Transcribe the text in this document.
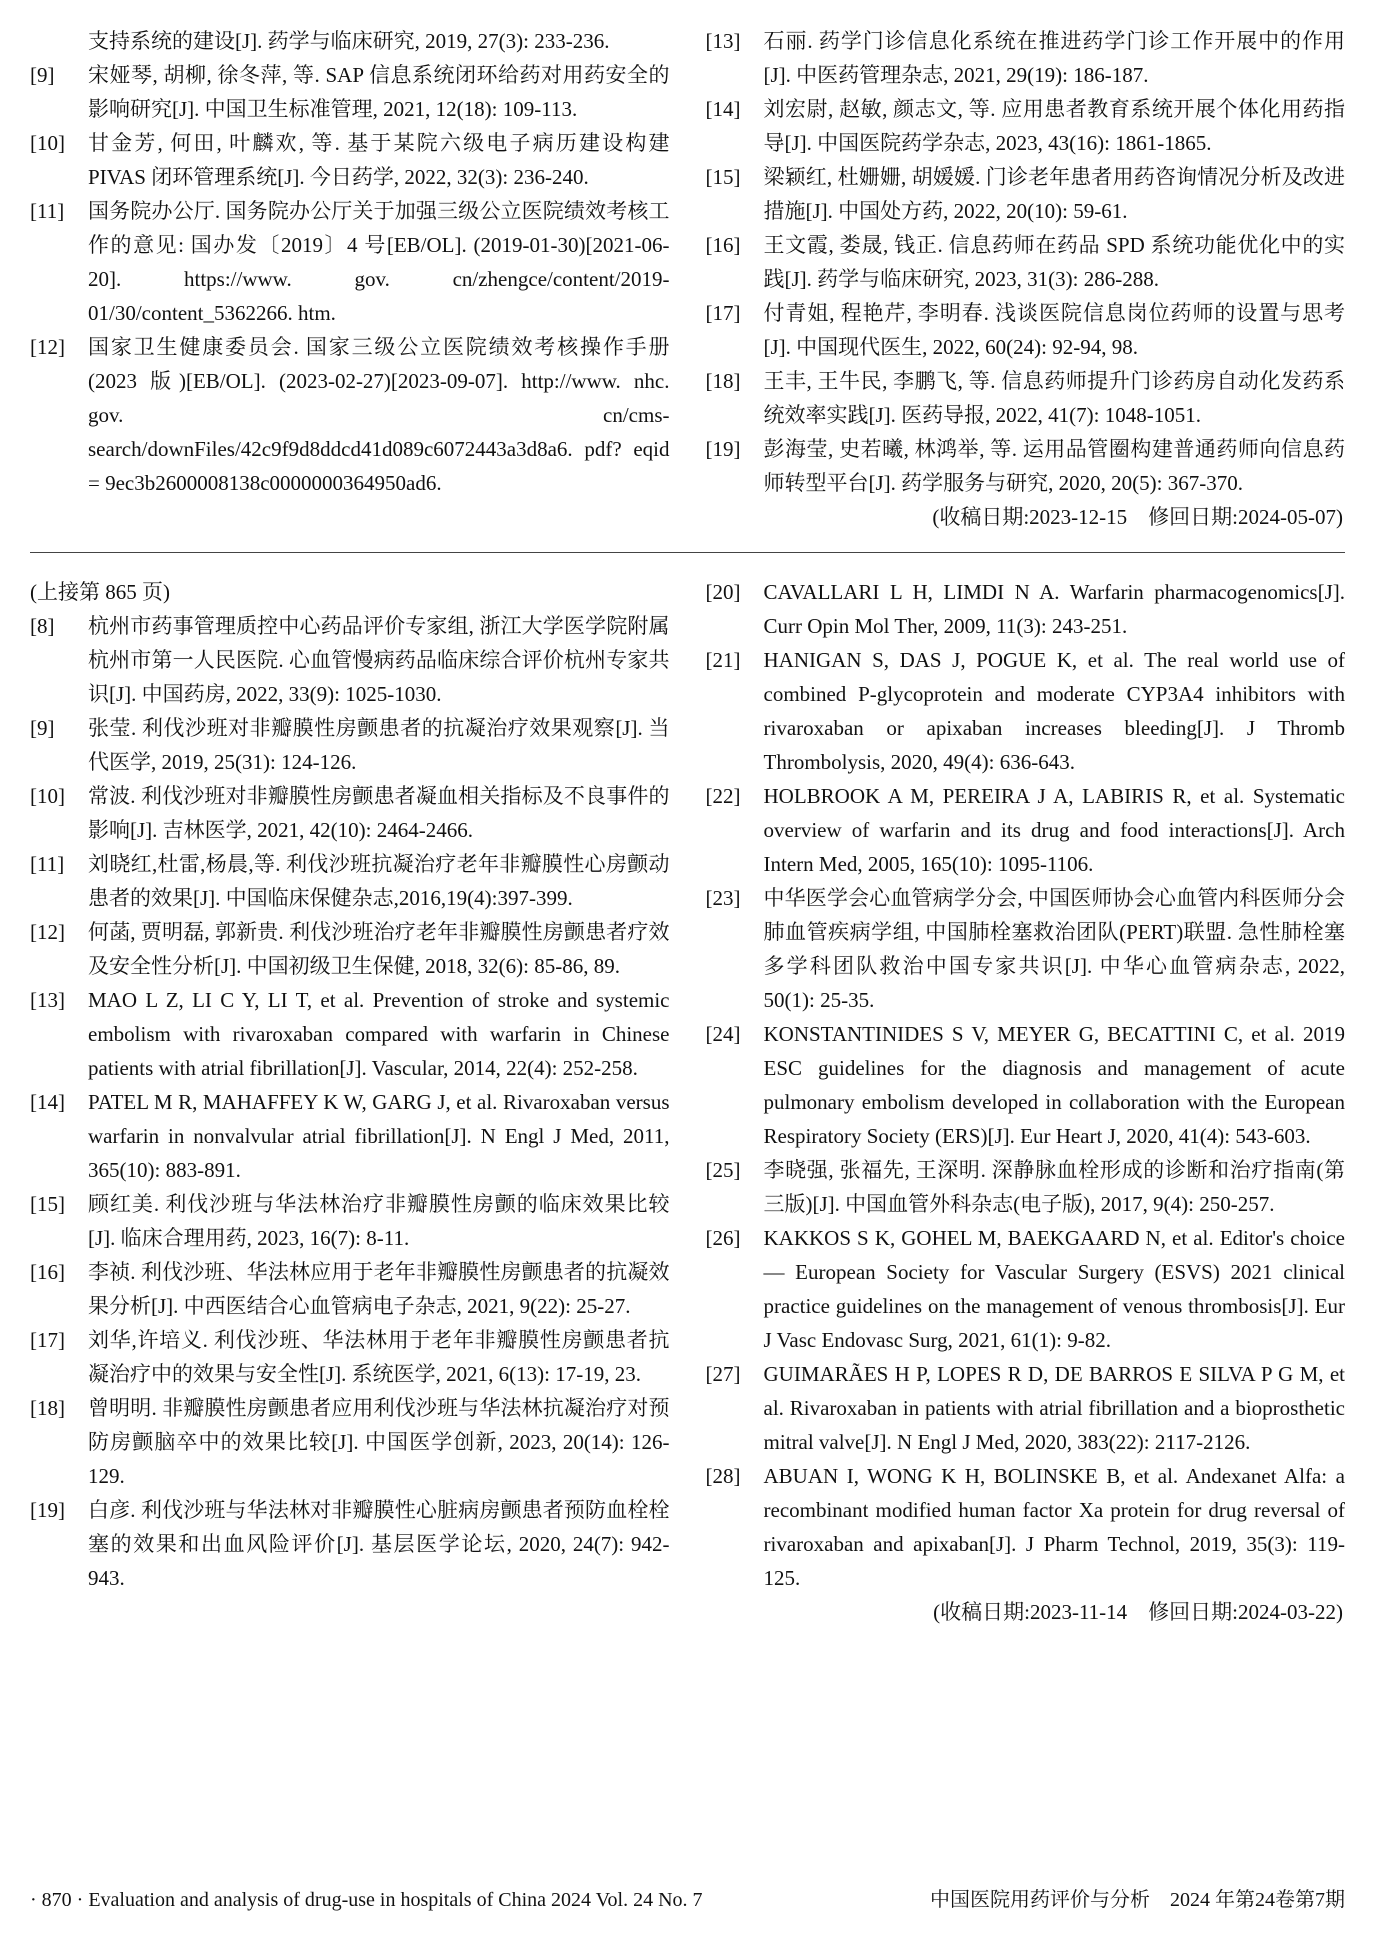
支持系统的建设[J]. 药学与临床研究, 2019, 27(3): 233-236.
[9]	宋娅琴, 胡柳, 徐冬萍, 等. SAP 信息系统闭环给药对用药安全的影响研究[J]. 中国卫生标准管理, 2021, 12(18): 109-113.
[10]	甘金芳, 何田, 叶麟欢, 等. 基于某院六级电子病历建设构建 PIVAS 闭环管理系统[J]. 今日药学, 2022, 32(3): 236-240.
[11]	国务院办公厅. 国务院办公厅关于加强三级公立医院绩效考核工作的意见: 国办发〔2019〕4 号[EB/OL]. (2019-01-30)[2021-06-20]. https://www. gov. cn/zhengce/content/2019-01/30/content_5362266. htm.
[12]	国家卫生健康委员会. 国家三级公立医院绩效考核操作手册(2023 版)[EB/OL]. (2023-02-27)[2023-09-07]. http://www. nhc. gov. cn/cms-search/downFiles/42c9f9d8ddcd41d089c6072443a3d8a6. pdf? eqid = 9ec3b2600008138c0000000364950ad6.
[13]	石丽. 药学门诊信息化系统在推进药学门诊工作开展中的作用[J]. 中医药管理杂志, 2021, 29(19): 186-187.
[14]	刘宏尉, 赵敏, 颜志文, 等. 应用患者教育系统开展个体化用药指导[J]. 中国医院药学杂志, 2023, 43(16): 1861-1865.
[15]	梁颖红, 杜姗姗, 胡媛媛. 门诊老年患者用药咨询情况分析及改进措施[J]. 中国处方药, 2022, 20(10): 59-61.
[16]	王文霞, 娄晟, 钱正. 信息药师在药品 SPD 系统功能优化中的实践[J]. 药学与临床研究, 2023, 31(3): 286-288.
[17]	付青姐, 程艳芹, 李明春. 浅谈医院信息岗位药师的设置与思考[J]. 中国现代医生, 2022, 60(24): 92-94, 98.
[18]	王丰, 王牛民, 李鹏飞, 等. 信息药师提升门诊药房自动化发药系统效率实践[J]. 医药导报, 2022, 41(7): 1048-1051.
[19]	彭海莹, 史若曦, 林鸿举, 等. 运用品管圈构建普通药师向信息药师转型平台[J]. 药学服务与研究, 2020, 20(5): 367-370.
(收稿日期:2023-12-15　修回日期:2024-05-07)
(上接第 865 页)
[8]	杭州市药事管理质控中心药品评价专家组, 浙江大学医学院附属杭州市第一人民医院. 心血管慢病药品临床综合评价杭州专家共识[J]. 中国药房, 2022, 33(9): 1025-1030.
[9]	张莹. 利伐沙班对非瓣膜性房颤患者的抗凝治疗效果观察[J]. 当代医学, 2019, 25(31): 124-126.
[10]	常波. 利伐沙班对非瓣膜性房颤患者凝血相关指标及不良事件的影响[J]. 吉林医学, 2021, 42(10): 2464-2466.
[11]	刘晓红,杜雷,杨晨,等. 利伐沙班抗凝治疗老年非瓣膜性心房颤动患者的效果[J]. 中国临床保健杂志,2016,19(4):397-399.
[12]	何菡, 贾明磊, 郭新贵. 利伐沙班治疗老年非瓣膜性房颤患者疗效及安全性分析[J]. 中国初级卫生保健, 2018, 32(6): 85-86, 89.
[13]	MAO L Z, LI C Y, LI T, et al. Prevention of stroke and systemic embolism with rivaroxaban compared with warfarin in Chinese patients with atrial fibrillation[J]. Vascular, 2014, 22(4): 252-258.
[14]	PATEL M R, MAHAFFEY K W, GARG J, et al. Rivaroxaban versus warfarin in nonvalvular atrial fibrillation[J]. N Engl J Med, 2011, 365(10): 883-891.
[15]	顾红美. 利伐沙班与华法林治疗非瓣膜性房颤的临床效果比较[J]. 临床合理用药, 2023, 16(7): 8-11.
[16]	李祯. 利伐沙班、华法林应用于老年非瓣膜性房颤患者的抗凝效果分析[J]. 中西医结合心血管病电子杂志, 2021, 9(22): 25-27.
[17]	刘华,许培义. 利伐沙班、华法林用于老年非瓣膜性房颤患者抗凝治疗中的效果与安全性[J]. 系统医学, 2021, 6(13): 17-19, 23.
[18]	曾明明. 非瓣膜性房颤患者应用利伐沙班与华法林抗凝治疗对预防房颤脑卒中的效果比较[J]. 中国医学创新, 2023, 20(14): 126-129.
[19]	白彦. 利伐沙班与华法林对非瓣膜性心脏病房颤患者预防血栓栓塞的效果和出血风险评价[J]. 基层医学论坛, 2020, 24(7): 942-943.
[20]	CAVALLARI L H, LIMDI N A. Warfarin pharmacogenomics[J]. Curr Opin Mol Ther, 2009, 11(3): 243-251.
[21]	HANIGAN S, DAS J, POGUE K, et al. The real world use of combined P-glycoprotein and moderate CYP3A4 inhibitors with rivaroxaban or apixaban increases bleeding[J]. J Thromb Thrombolysis, 2020, 49(4): 636-643.
[22]	HOLBROOK A M, PEREIRA J A, LABIRIS R, et al. Systematic overview of warfarin and its drug and food interactions[J]. Arch Intern Med, 2005, 165(10): 1095-1106.
[23]	中华医学会心血管病学分会, 中国医师协会心血管内科医师分会肺血管疾病学组, 中国肺栓塞救治团队(PERT)联盟. 急性肺栓塞多学科团队救治中国专家共识[J]. 中华心血管病杂志, 2022, 50(1): 25-35.
[24]	KONSTANTINIDES S V, MEYER G, BECATTINI C, et al. 2019 ESC guidelines for the diagnosis and management of acute pulmonary embolism developed in collaboration with the European Respiratory Society (ERS)[J]. Eur Heart J, 2020, 41(4): 543-603.
[25]	李晓强, 张福先, 王深明. 深静脉血栓形成的诊断和治疗指南(第三版)[J]. 中国血管外科杂志(电子版), 2017, 9(4): 250-257.
[26]	KAKKOS S K, GOHEL M, BAEKGAARD N, et al. Editor's choice — European Society for Vascular Surgery (ESVS) 2021 clinical practice guidelines on the management of venous thrombosis[J]. Eur J Vasc Endovasc Surg, 2021, 61(1): 9-82.
[27]	GUIMARÃES H P, LOPES R D, DE BARROS E SILVA P G M, et al. Rivaroxaban in patients with atrial fibrillation and a bioprosthetic mitral valve[J]. N Engl J Med, 2020, 383(22): 2117-2126.
[28]	ABUAN I, WONG K H, BOLINSKE B, et al. Andexanet Alfa: a recombinant modified human factor Xa protein for drug reversal of rivaroxaban and apixaban[J]. J Pharm Technol, 2019, 35(3): 119-125.
(收稿日期:2023-11-14　修回日期:2024-03-22)
· 870 · Evaluation and analysis of drug-use in hospitals of China 2024 Vol. 24 No. 7	中国医院用药评价与分析　2024 年第24卷第7期
